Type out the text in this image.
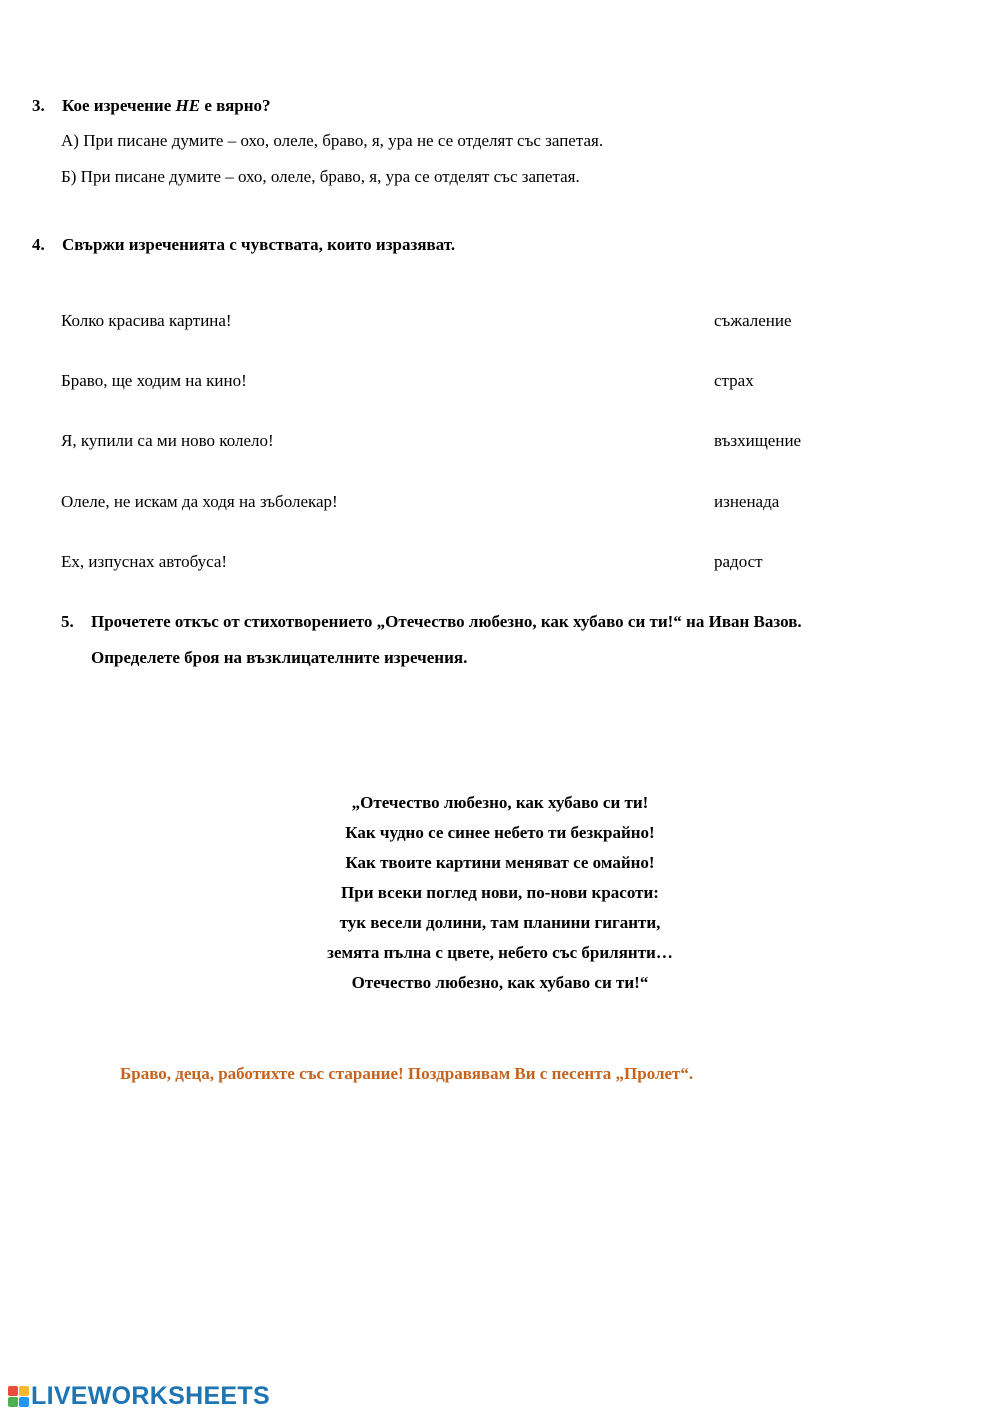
3. Кое изречение НЕ е вярно?
А) При писане думите – охо, олеле, браво, я, ура не се отделят със запетая.
Б) При писане думите – охо, олеле, браво, я, ура се отделят със запетая.
4. Свържи изреченията с чувствата, които изразяват.
Колко красива картина!	съжаление
Браво, ще ходим на кино!	страх
Я, купили са ми ново колело!	възхищение
Олеле, не искам да ходя на зъболекар!	изненада
Ех, изпуснах автобуса!	радост
5. Прочетете откъс от стихотворението „Отечество любезно, как хубаво си ти!“ на Иван Вазов.
Определете броя на възклицателните изречения.
„Отечество любезно, как хубаво си ти!
Как чудно се синее небето ти безкрайно!
Как твоите картини меняват се омайно!
При всеки поглед нови, по-нови красоти:
тук весели долини, там планини гиганти,
земята пълна с цвете, небето със брилянти…
Отечество любезно, как хубаво си ти!“
Браво, деца, работихте със старание! Поздравявам Ви с песента „Пролет“.
LIVEWORKSHEETS
